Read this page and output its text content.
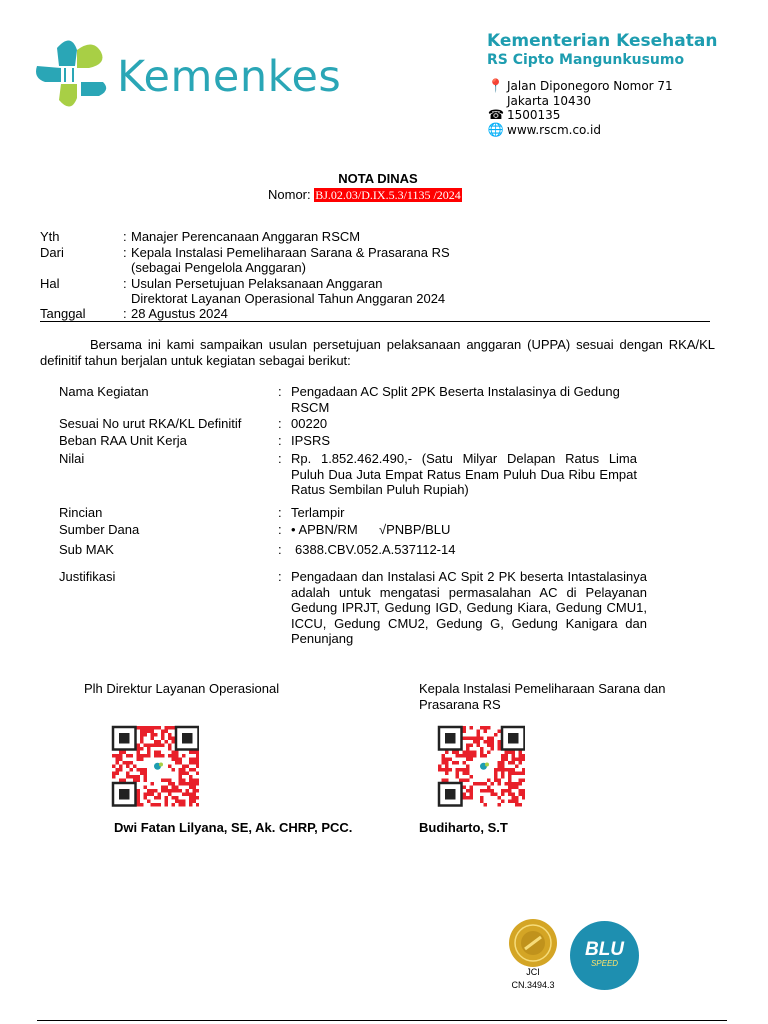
Kemenkes
Kementerian Kesehatan
RS Cipto Mangunkusumo
📍 Jalan Diponegoro Nomor 71
Jakarta 10430
☎ 1500135
🌐 www.rscm.co.id
NOTA DINAS
Nomor: BJ.02.03/D.IX.5.3/1135 /2024
Yth	: Manajer Perencanaan Anggaran RSCM
Dari	: Kepala Instalasi Pemeliharaan Sarana & Prasarana RS
(sebagai Pengelola Anggaran)
Hal	: Usulan Persetujuan Pelaksanaan Anggaran
Direktorat Layanan Operasional Tahun Anggaran 2024
Tanggal	: 28 Agustus 2024
Bersama ini kami sampaikan usulan persetujuan pelaksanaan anggaran (UPPA) sesuai dengan RKA/KL definitif tahun berjalan untuk kegiatan sebagai berikut:
Nama Kegiatan	: Pengadaan AC Split 2PK Beserta Instalasinya di Gedung RSCM
Sesuai No urut RKA/KL Definitif	: 00220
Beban RAA Unit Kerja	: IPSRS
Nilai	: Rp. 1.852.462.490,- (Satu Milyar Delapan Ratus Lima Puluh Dua Juta Empat Ratus Enam Puluh Dua Ribu Empat Ratus Sembilan Puluh Rupiah)
Rincian	: Terlampir
Sumber Dana	: • APBN/RM √PNBP/BLU
Sub MAK	: 6388.CBV.052.A.537112-14
Justifikasi	: Pengadaan dan Instalasi AC Spit 2 PK beserta Intastalasinya adalah untuk mengatasi permasalahan AC di Pelayanan Gedung IPRJT, Gedung IGD, Gedung Kiara, Gedung CMU1, ICCU, Gedung CMU2, Gedung G, Gedung Kanigara dan Penunjang
Plh Direktur Layanan Operasional	Kepala Instalasi Pemeliharaan Sarana dan Prasarana RS
Dwi Fatan Lilyana, SE, Ak. CHRP, PCC.	Budiharto, S.T
JCI
CN.3494.3
BLU
SPEED
